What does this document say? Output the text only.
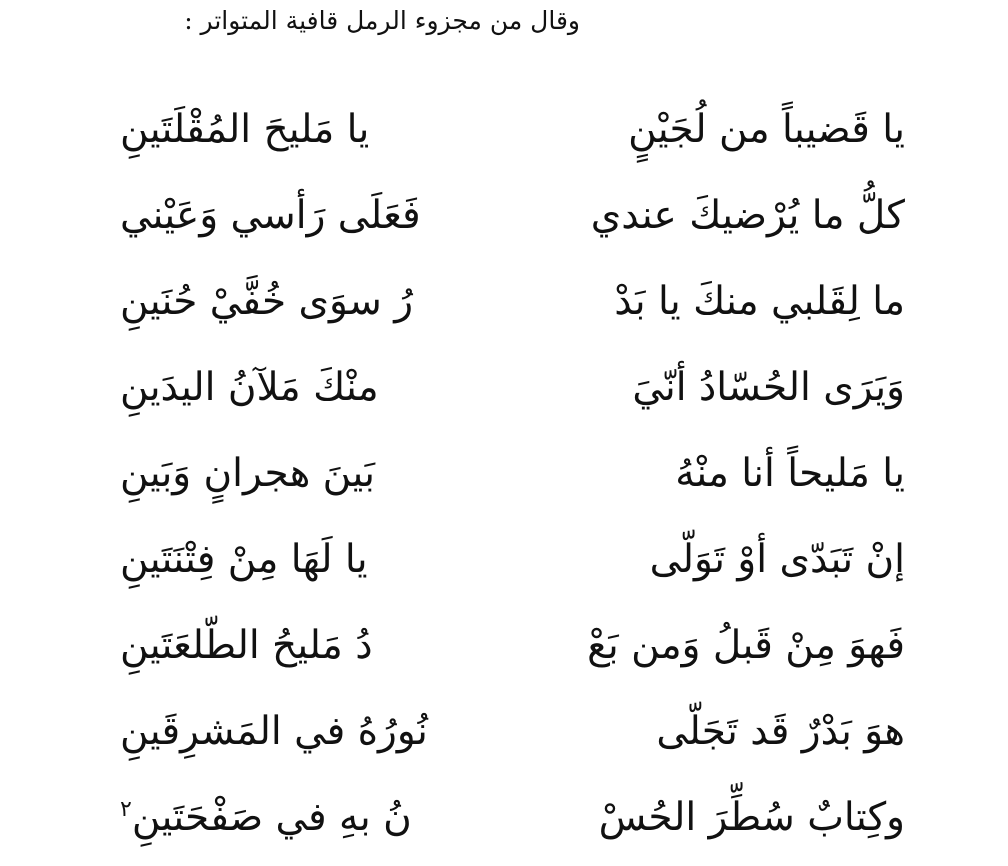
وقال من مجزوء الرمل قافية المتواتر :
يا قَضيباً من لُجَيْنٍ
يا مَليحَ المُقْلَتَينِ
كلُّ ما يُرْضيكَ عندي
فَعَلَى رَأسي وَعَيْني
ما لِقَلبي منكَ يا بَدْ
رُ سوَى خُفَّيْ حُنَينِ
وَيَرَى الحُسّادُ أنّيَ
منْكَ مَلآنُ اليدَينِ
يا مَليحاً أنا منْهُ
بَينَ هجرانٍ وَبَينِ
إنْ تَبَدّى أوْ تَوَلّى
يا لَهَا مِنْ فِتْنَتَينِ
فَهوَ مِنْ قَبلُ وَمن بَعْ
دُ مَليحُ الطّلعَتَينِ
هوَ بَدْرٌ قَد تَجَلّى
نُورُهُ في المَشرِقَينِ
وكِتابٌ سُطِّرَ الحُسْ
نُ بهِ في صَفْحَتَينِ$^٢$
